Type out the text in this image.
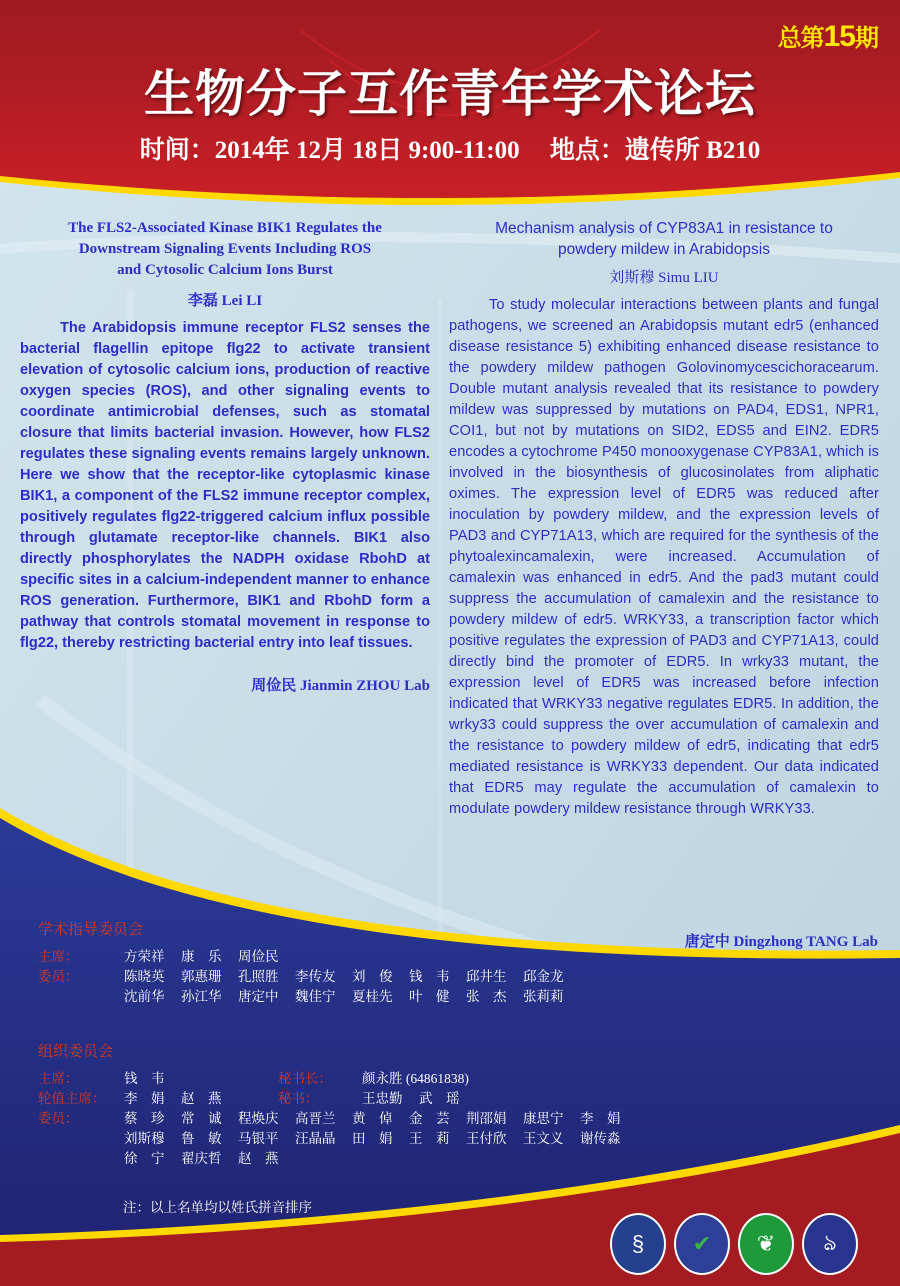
总第15期
生物分子互作青年学术论坛
时间：2014年 12月 18日 9:00-11:00 地点：遗传所 B210
The FLS2-Associated Kinase BIK1 Regulates the
Downstream Signaling Events Including ROS
and Cytosolic Calcium Ions Burst
李磊 Lei LI

The Arabidopsis immune receptor FLS2 senses the bacterial flagellin epitope flg22 to activate transient elevation of cytosolic calcium ions, production of reactive oxygen species (ROS), and other signaling events to coordinate antimicrobial defenses, such as stomatal closure that limits bacterial invasion. However, how FLS2 regulates these signaling events remains largely unknown. Here we show that the receptor-like cytoplasmic kinase BIK1, a component of the FLS2 immune receptor complex, positively regulates flg22-triggered calcium influx possible through glutamate receptor-like channels. BIK1 also directly phosphorylates the NADPH oxidase RbohD at specific sites in a calcium-independent manner to enhance ROS generation. Furthermore, BIK1 and RbohD form a pathway that controls stomatal movement in response to flg22, thereby restricting bacterial entry into leaf tissues.

周俭民 Jianmin ZHOU Lab
Mechanism analysis of CYP83A1 in resistance to
powdery mildew in Arabidopsis
刘斯穆 Simu LIU

To study molecular interactions between plants and fungal pathogens, we screened an Arabidopsis mutant edr5 (enhanced disease resistance 5) exhibiting enhanced disease resistance to the powdery mildew pathogen Golovinomycescichoracearum. Double mutant analysis revealed that its resistance to powdery mildew was suppressed by mutations on PAD4, EDS1, NPR1, COI1, but not by mutations on SID2, EDS5 and EIN2. EDR5 encodes a cytochrome P450 monooxygenase CYP83A1, which is involved in the biosynthesis of glucosinolates from aliphatic oximes. The expression level of EDR5 was reduced after inoculation by powdery mildew, and the expression levels of PAD3 and CYP71A13, which are required for the synthesis of the phytoalexincamalexin, were increased. Accumulation of camalexin was enhanced in edr5. And the pad3 mutant could suppress the accumulation of camalexin and the resistance to powdery mildew of edr5. WRKY33, a transcription factor which positive regulates the expression of PAD3 and CYP71A13, could directly bind the promoter of EDR5. In wrky33 mutant, the expression level of EDR5 was increased before infection indicated that WRKY33 negative regulates EDR5. In addition, the wrky33 could suppress the over accumulation of camalexin and the resistance to powdery mildew of edr5, indicating that edr5 mediated resistance is WRKY33 dependent. Our data indicated that EDR5 may regulate the accumulation of camalexin to modulate powdery mildew resistance through WRKY33.

唐定中 Dingzhong TANG Lab
学术指导委员会
主席：	方荣祥	康　乐	周俭民
委员：	陈晓英	郭惠珊	孔照胜	李传友	刘　俊	钱　韦	邱井生	邱金龙
沈前华	孙江华	唐定中	魏佳宁	夏桂先	叶　健	张　杰	张莉莉
组织委员会
主席：	钱　韦	秘书长：	颜永胜 (64861838)
轮值主席：	李　娟	赵　燕	秘书：	王忠勤	武　瑶
委员：	蔡　珍	常　诚	程焕庆	高晋兰	黄　倬	金　芸	荆邵娟	康思宁	李　娟
刘斯穆	鲁　敏	马银平	汪晶晶	田　娟	王　莉	王付欣	王文义	谢传淼
徐　宁	翟庆哲	赵　燕
注：以上名单均以姓氏拼音排序
§	✔	❦	ঌ
